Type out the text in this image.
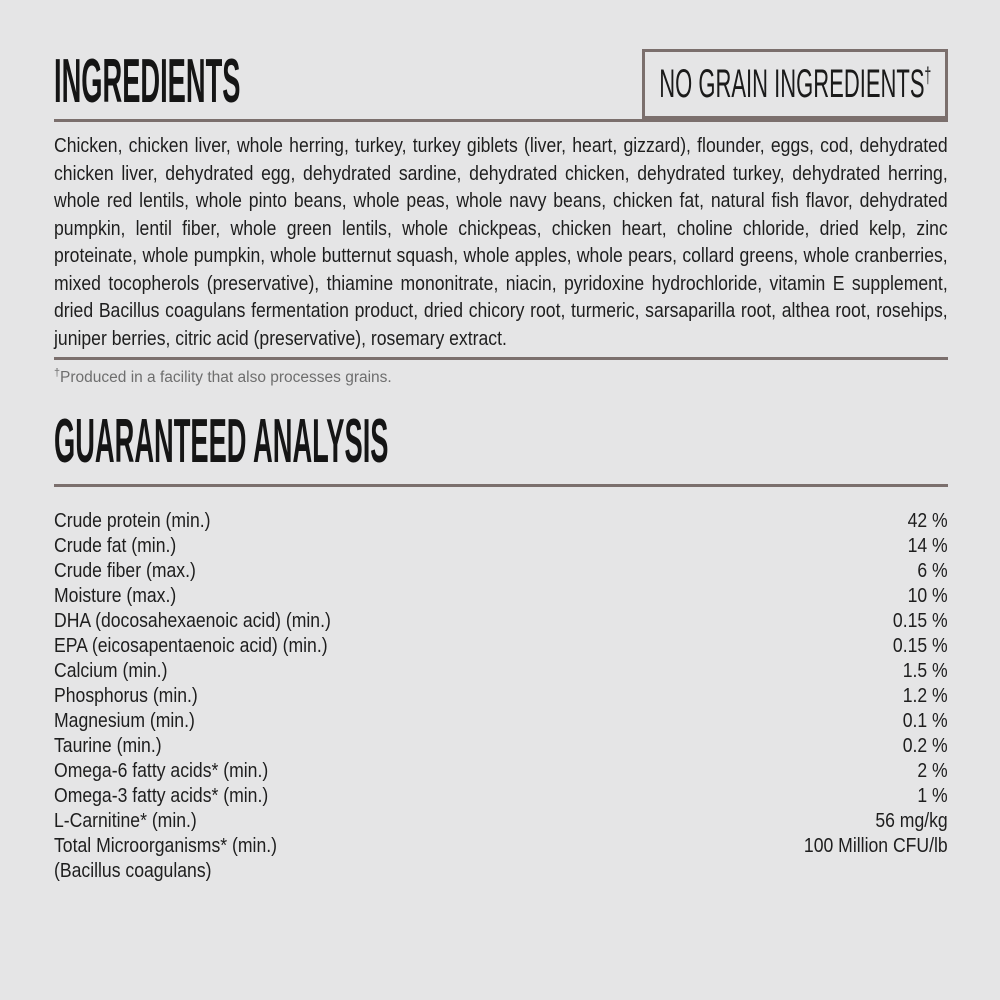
INGREDIENTS	NO GRAIN INGREDIENTS†

Chicken, chicken liver, whole herring, turkey, turkey giblets (liver, heart, gizzard), flounder, eggs, cod, dehydrated chicken liver, dehydrated egg, dehydrated sardine, dehydrated chicken, dehydrated turkey, dehydrated herring, whole red lentils, whole pinto beans, whole peas, whole navy beans, chicken fat, natural fish flavor, dehydrated pumpkin, lentil fiber, whole green lentils, whole chickpeas, chicken heart, choline chloride, dried kelp, zinc proteinate, whole pumpkin, whole butternut squash, whole apples, whole pears, collard greens, whole cranberries, mixed tocopherols (preservative), thiamine mononitrate, niacin, pyridoxine hydrochloride, vitamin E supplement, dried Bacillus coagulans fermentation product, dried chicory root, turmeric, sarsaparilla root, althea root, rosehips, juniper berries, citric acid (preservative), rosemary extract.

†Produced in a facility that also processes grains.

GUARANTEED ANALYSIS
Crude protein (min.)	42 %
Crude fat (min.)	14 %
Crude fiber (max.)	6 %
Moisture (max.)	10 %
DHA (docosahexaenoic acid) (min.)	0.15 %
EPA (eicosapentaenoic acid) (min.)	0.15 %
Calcium (min.)	1.5 %
Phosphorus (min.)	1.2 %
Magnesium (min.)	0.1 %
Taurine (min.)	0.2 %
Omega-6 fatty acids* (min.)	2 %
Omega-3 fatty acids* (min.)	1 %
L-Carnitine* (min.)	56 mg/kg
Total Microorganisms* (min.)	100 Million CFU/lb
(Bacillus coagulans)
